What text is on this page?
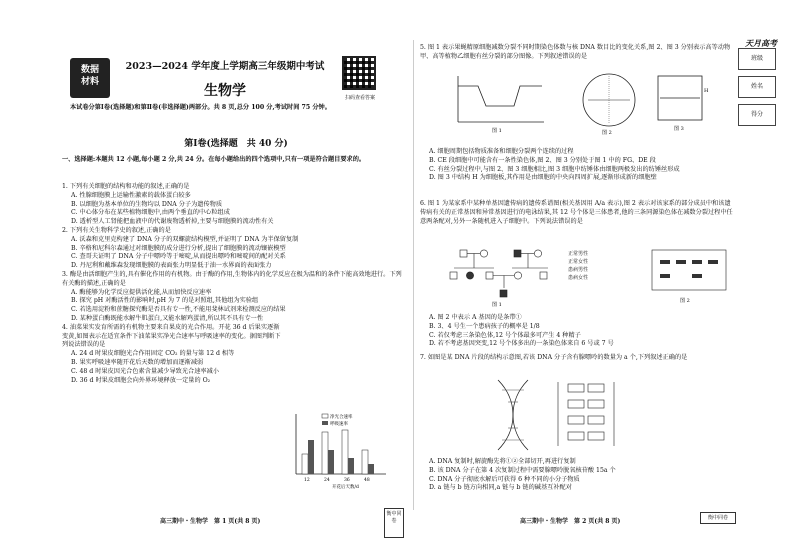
数据
材料
2023—2024 学年度上学期高三年级期中考试
生物学	扫码查看答案
本试卷分第Ⅰ卷(选择题)和第Ⅱ卷(非选择题)两部分。共 8 页,总分 100 分,考试时间 75 分钟。
第Ⅰ卷(选择题　共 40 分)
一、选择题:本题共 12 小题,每小题 2 分,共 24 分。在每小题给出的四个选项中,只有一项是符合题目要求的。

1. 下列有关细胞的结构和功能的叙述,正确的是

A. 性腺细胞膜上运输性激素的载体蛋白较多

B. 以细胞为基本单位的生物均以 DNA 分子为遗传物质

C. 中心体分布在某些植物细胞中,由两个垂直的中心粒组成

D. 透析型人工肾能把血液中的代谢废物透析掉,主要与细胞膜的流动性有关

2. 下列有关生物科学史的叙述,正确的是

A. 沃森和克里克构建了 DNA 分子的双螺旋结构模型,并证明了 DNA 为半保留复制

B. 辛格和尼科尔森通过对细胞膜的成分进行分析,提出了细胞膜的流动镶嵌模型

C. 查哥夫证明了 DNA 分子中嘌呤等于嘧啶,从而提出嘌呤和嘧啶间的配对关系

D. 丹尼利和戴维森发现细胞膜的表面张力明显低于油一水界面的表面张力

3. 酶是由活细胞产生的,具有催化作用的有机物。由于酶的作用,生物体内的化学反应在极为温和的条件下能高效地进行。下列有关酶的描述,正确的是

A. 酶能够为化学反应提供活化能,从而加快反应速率

B. 探究 pH 对酶活性的影响时,pH 为 7 的是对照组,其他组为实验组

C. 若选用淀粉和蔗糖探究酶是否具有专一性,不能用斐林试剂来检测反应的结果

D. 某种蛋白酶既能水解牛肌蛋白,又能水解鸡蛋清,所以其不具有专一性

4. 油菜果实发育所需的有机物主要来自果皮的光合作用。开花 36 d 后果实逐渐变黄,如图表示在适宜条件下油菜果实净光合速率与呼吸速率的变化。据图判断下列说法错误的是

A. 24 d 时果皮细胞光合作用固定 CO₂ 的量与第 12 d 相等

B. 果实呼吸速率随开花后天数的增加而逐渐减弱

C. 48 d 时果皮因光合色素含量减少导致光合速率减小

D. 36 d 时果皮细胞会向外界环境释放一定量的 O₂

净光合速率
呼吸速率
12	24	36	48
开花后天数/d
高三期中・生物学　第 1 页(共 8 页)
衡中同卷
5. 图 1 表示果蝇精原细胞减数分裂不同时期染色体数与核 DNA 数目比的变化关系,图 2、图 3 分别表示高等动物甲、高等植物乙细胞有丝分裂的部分图像。下列叙述错误的是
图 1	图 2
H
图 3

A. 细胞周期包括物质准备和细胞分裂两个连续的过程

B. CE 段细胞中可能含有一条性染色体,图 2、图 3 分别处于图 1 中的 FG、DE 段

C. 有丝分裂过程中,与图 2、图 3 细胞相比,图 3 细胞中纺锤体由细胞两极发出的纺锤丝形成

D. 图 3 中结构 H 为细胞板,其作用是由细胞的中央向四周扩展,逐渐形成新的细胞壁

6. 图 1 为某家系中某种单基因遗传病的遗传系谱图(相关基因用 A/a 表示),图 2 表示对该家系的部分成员中和该遗传病有关的正常基因和异常基因进行的电泳结果,其 12 号个体是三体患者,他的三条同源染色体在减数分裂过程中任意两条配对,另外一条随机进入子细胞中。下列说法错误的是
图 1
正常男性
正常女性
患病男性
患病女性
图 2

A. 图 2 中表示 A 基因的是条带①

B. 3、4 号生一个患病孩子的概率是 1/8

C. 若仅考虑三条染色体,12 号个体最多可产生 4 种精子

D. 若不考虑基因突变,12 号个体多出的一条染色体来自 6 号或 7 号

7. 如图是某 DNA 片段的结构示意图,若该 DNA 分子含有腺嘌呤的数量为 a 个,下列叙述正确的是

A. DNA 复制时,解旋酶先将①②全部切开,再进行复制

B. 该 DNA 分子在第 4 次复制过程中需要腺嘌呤脱氧核苷酸 15a 个

C. DNA 分子彻底水解后可获得 6 种不同的小分子物质

D. a 链与 b 链方向相同,a 链与 b 链的碱基互补配对

高三期中・生物学　第 2 页(共 8 页)	衡中同卷
天月高考
班级
姓名
得分
